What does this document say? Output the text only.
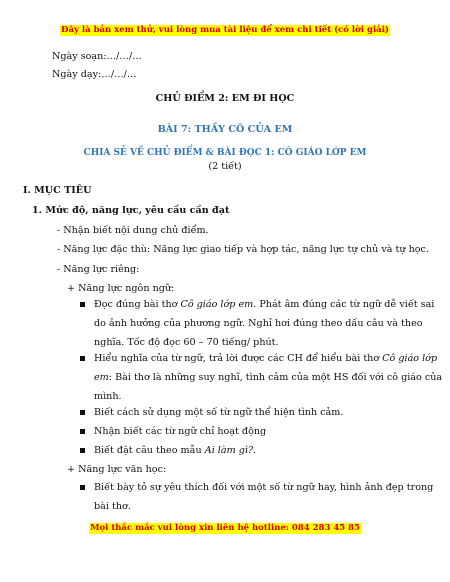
Đây là bản xem thử, vui lòng mua tài liệu để xem chi tiết (có lời giải)
Ngày soạn:…/…/…
Ngày dạy:…/…/…
CHỦ ĐIỂM 2: EM ĐI HỌC
BÀI 7: THẦY CÔ CỦA EM
CHIA SẺ VỀ CHỦ ĐIỂM & BÀI ĐỌC 1: CÔ GIÁO LỚP EM
(2 tiết)
I. MỤC TIÊU
1. Mức độ, năng lực, yêu cầu cần đạt
- Nhận biết nội dung chủ điểm.
- Năng lực đặc thù: Năng lực giao tiếp và hợp tác, năng lực tự chủ và tự học.
- Năng lực riêng:
+ Năng lực ngôn ngữ:
Đọc đúng bài thơ Cô giáo lớp em. Phát âm đúng các từ ngữ dễ viết sai
do ảnh hưởng của phương ngữ. Nghỉ hơi đúng theo dấu câu và theo
nghĩa. Tốc độ đọc 60 – 70 tiếng/ phút.
Hiểu nghĩa của từ ngữ, trả lời được các CH để hiểu bài thơ Cô giáo lớp
em: Bài thơ là những suy nghĩ, tình cảm của một HS đối với cô giáo của
mình.
Biết cách sử dụng một số từ ngữ thể hiện tình cảm.
Nhận biết các từ ngữ chỉ hoạt động
Biết đặt câu theo mẫu Ai làm gì?.
+ Năng lực văn học:
Biết bày tỏ sự yêu thích đối với một số từ ngữ hay, hình ảnh đẹp trong
bài thơ.
Mọi thắc mắc vui lòng xin liên hệ hotline: 084 283 45 85
